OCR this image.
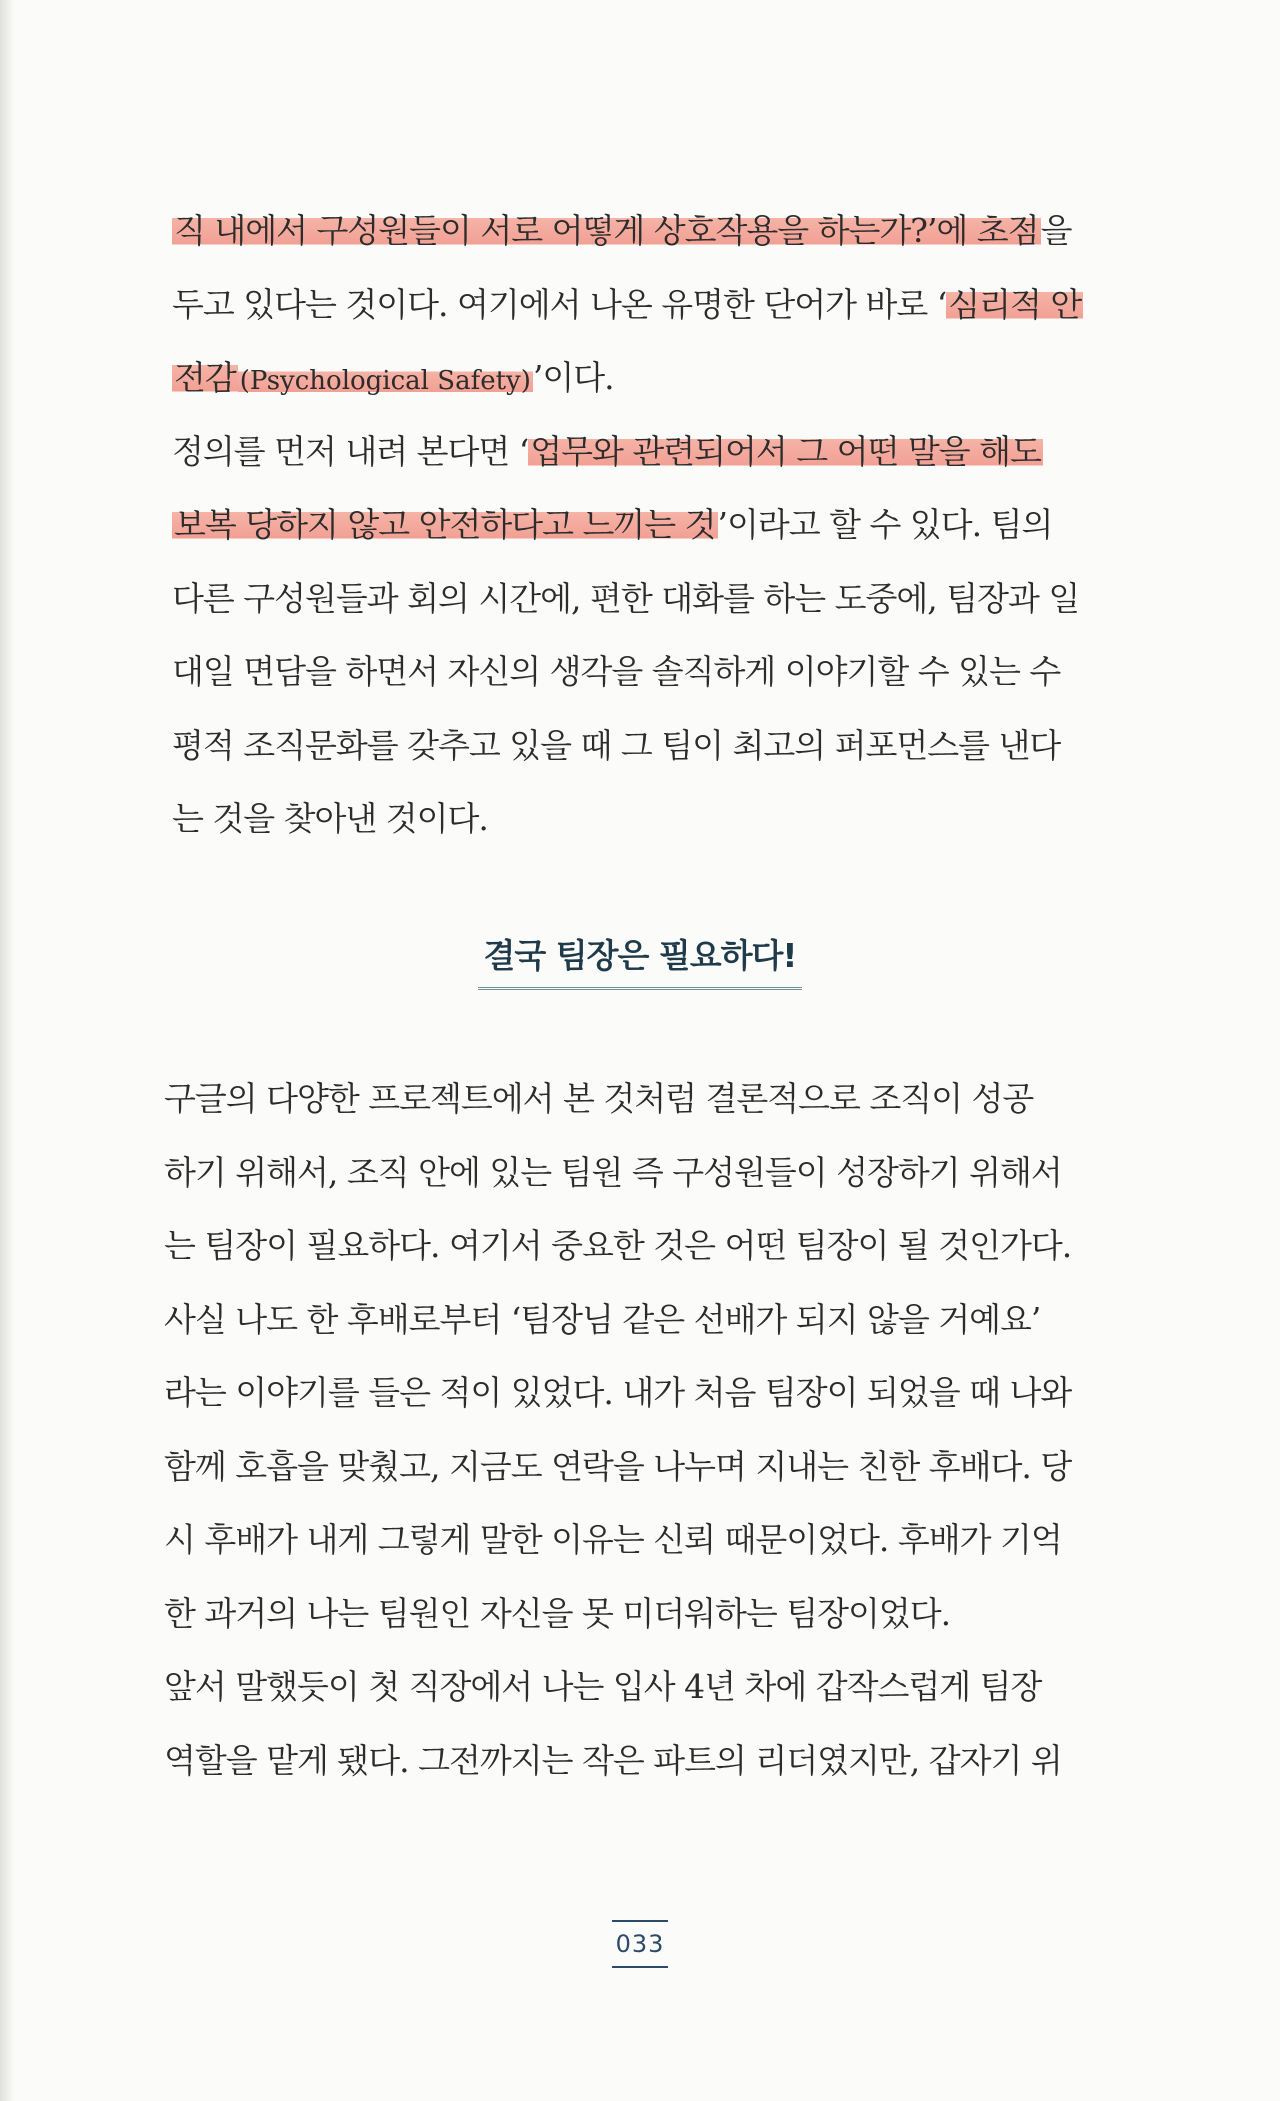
직 내에서 구성원들이 서로 어떻게 상호작용을 하는가?’에 초점을
두고 있다는 것이다. 여기에서 나온 유명한 단어가 바로 ‘심리적 안
전감 (Psychological Safety)’이다.
정의를 먼저 내려 본다면 ‘업무와 관련되어서 그 어떤 말을 해도
보복 당하지 않고 안전하다고 느끼는 것’이라고 할 수 있다. 팀의
다른 구성원들과 회의 시간에, 편한 대화를 하는 도중에, 팀장과 일
대일 면담을 하면서 자신의 생각을 솔직하게 이야기할 수 있는 수
평적 조직문화를 갖추고 있을 때 그 팀이 최고의 퍼포먼스를 낸다
는 것을 찾아낸 것이다.
결국 팀장은 필요하다!
구글의 다양한 프로젝트에서 본 것처럼 결론적으로 조직이 성공
하기 위해서, 조직 안에 있는 팀원 즉 구성원들이 성장하기 위해서
는 팀장이 필요하다. 여기서 중요한 것은 어떤 팀장이 될 것인가다.
사실 나도 한 후배로부터 ‘팀장님 같은 선배가 되지 않을 거예요’
라는 이야기를 들은 적이 있었다. 내가 처음 팀장이 되었을 때 나와
함께 호흡을 맞췄고, 지금도 연락을 나누며 지내는 친한 후배다. 당
시 후배가 내게 그렇게 말한 이유는 신뢰 때문이었다. 후배가 기억
한 과거의 나는 팀원인 자신을 못 미더워하는 팀장이었다.
앞서 말했듯이 첫 직장에서 나는 입사 4년 차에 갑작스럽게 팀장
역할을 맡게 됐다. 그전까지는 작은 파트의 리더였지만, 갑자기 위
033
